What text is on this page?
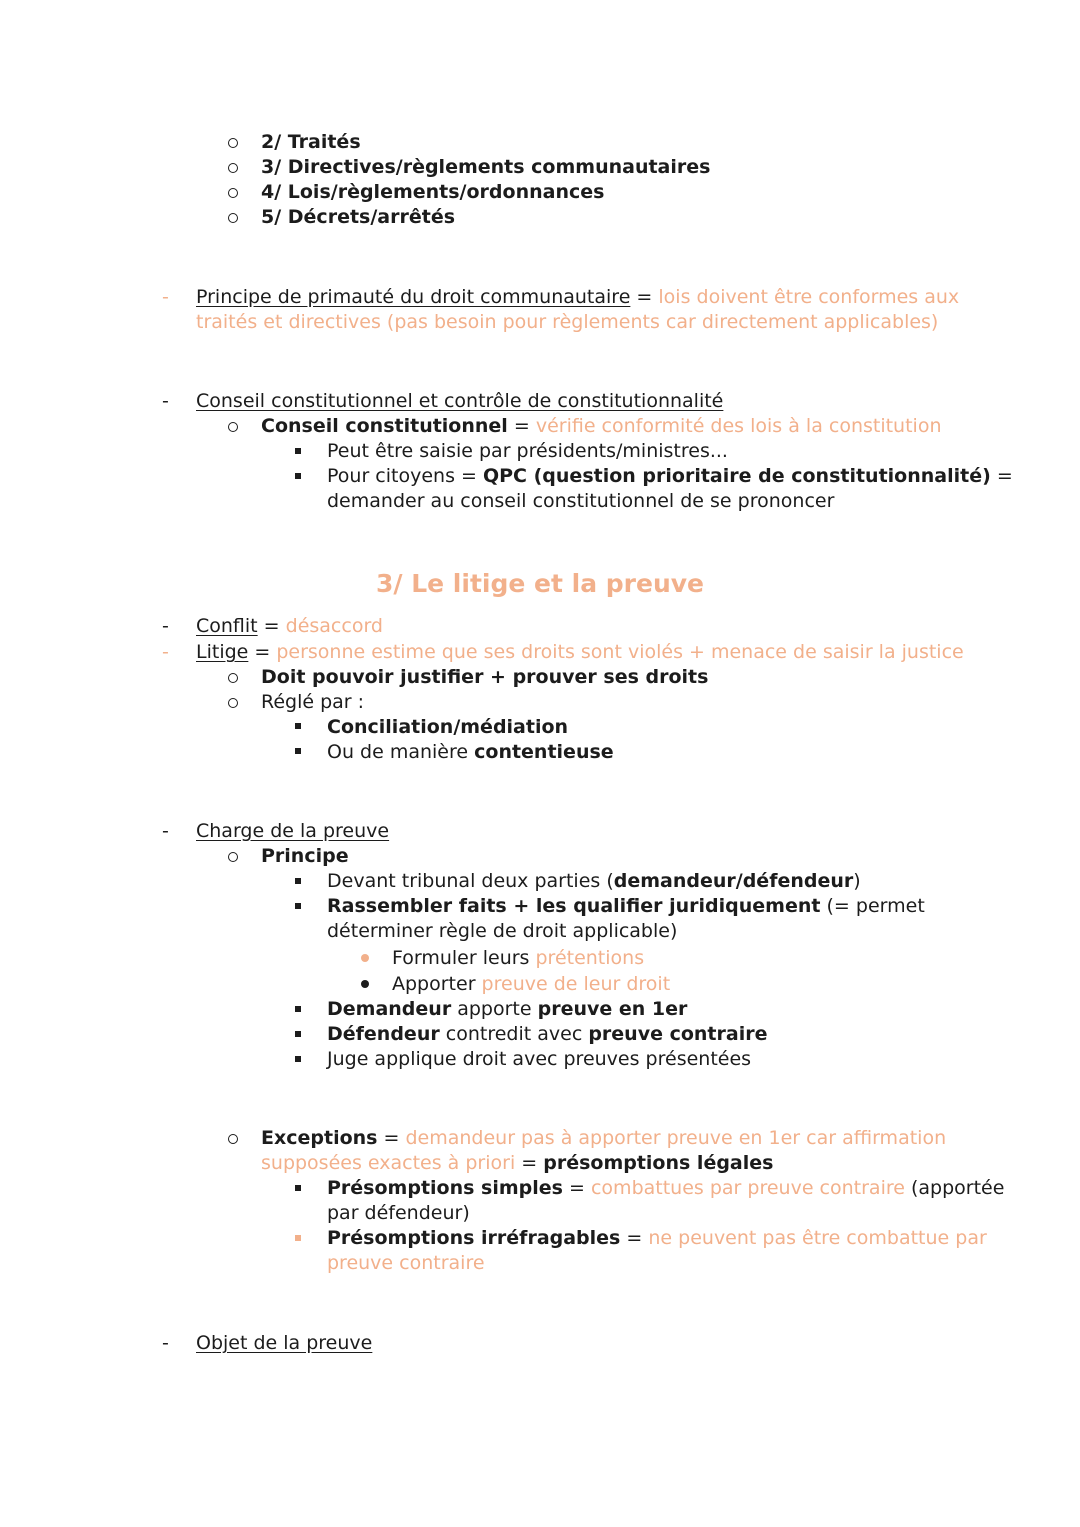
2/ Traités
3/ Directives/règlements communautaires
4/ Lois/règlements/ordonnances
5/ Décrets/arrêtés
- Principe de primauté du droit communautaire = lois doivent être conformes aux
traités et directives (pas besoin pour règlements car directement applicables)
- Conseil constitutionnel et contrôle de constitutionnalité
Conseil constitutionnel = vérifie conformité des lois à la constitution
Peut être saisie par présidents/ministres...
Pour citoyens = QPC (question prioritaire de constitutionnalité) =
demander au conseil constitutionnel de se prononcer
3/ Le litige et la preuve
- Conflit = désaccord
- Litige = personne estime que ses droits sont violés + menace de saisir la justice
Doit pouvoir justifier + prouver ses droits
Réglé par :
Conciliation/médiation
Ou de manière contentieuse
- Charge de la preuve
Principe
Devant tribunal deux parties (demandeur/défendeur)
Rassembler faits + les qualifier juridiquement (= permet
déterminer règle de droit applicable)
Formuler leurs prétentions
Apporter preuve de leur droit
Demandeur apporte preuve en 1er
Défendeur contredit avec preuve contraire
Juge applique droit avec preuves présentées
Exceptions = demandeur pas à apporter preuve en 1er car affirmation
supposées exactes à priori = présomptions légales
Présomptions simples = combattues par preuve contraire (apportée
par défendeur)
Présomptions irréfragables = ne peuvent pas être combattue par
preuve contraire
- Objet de la preuve
